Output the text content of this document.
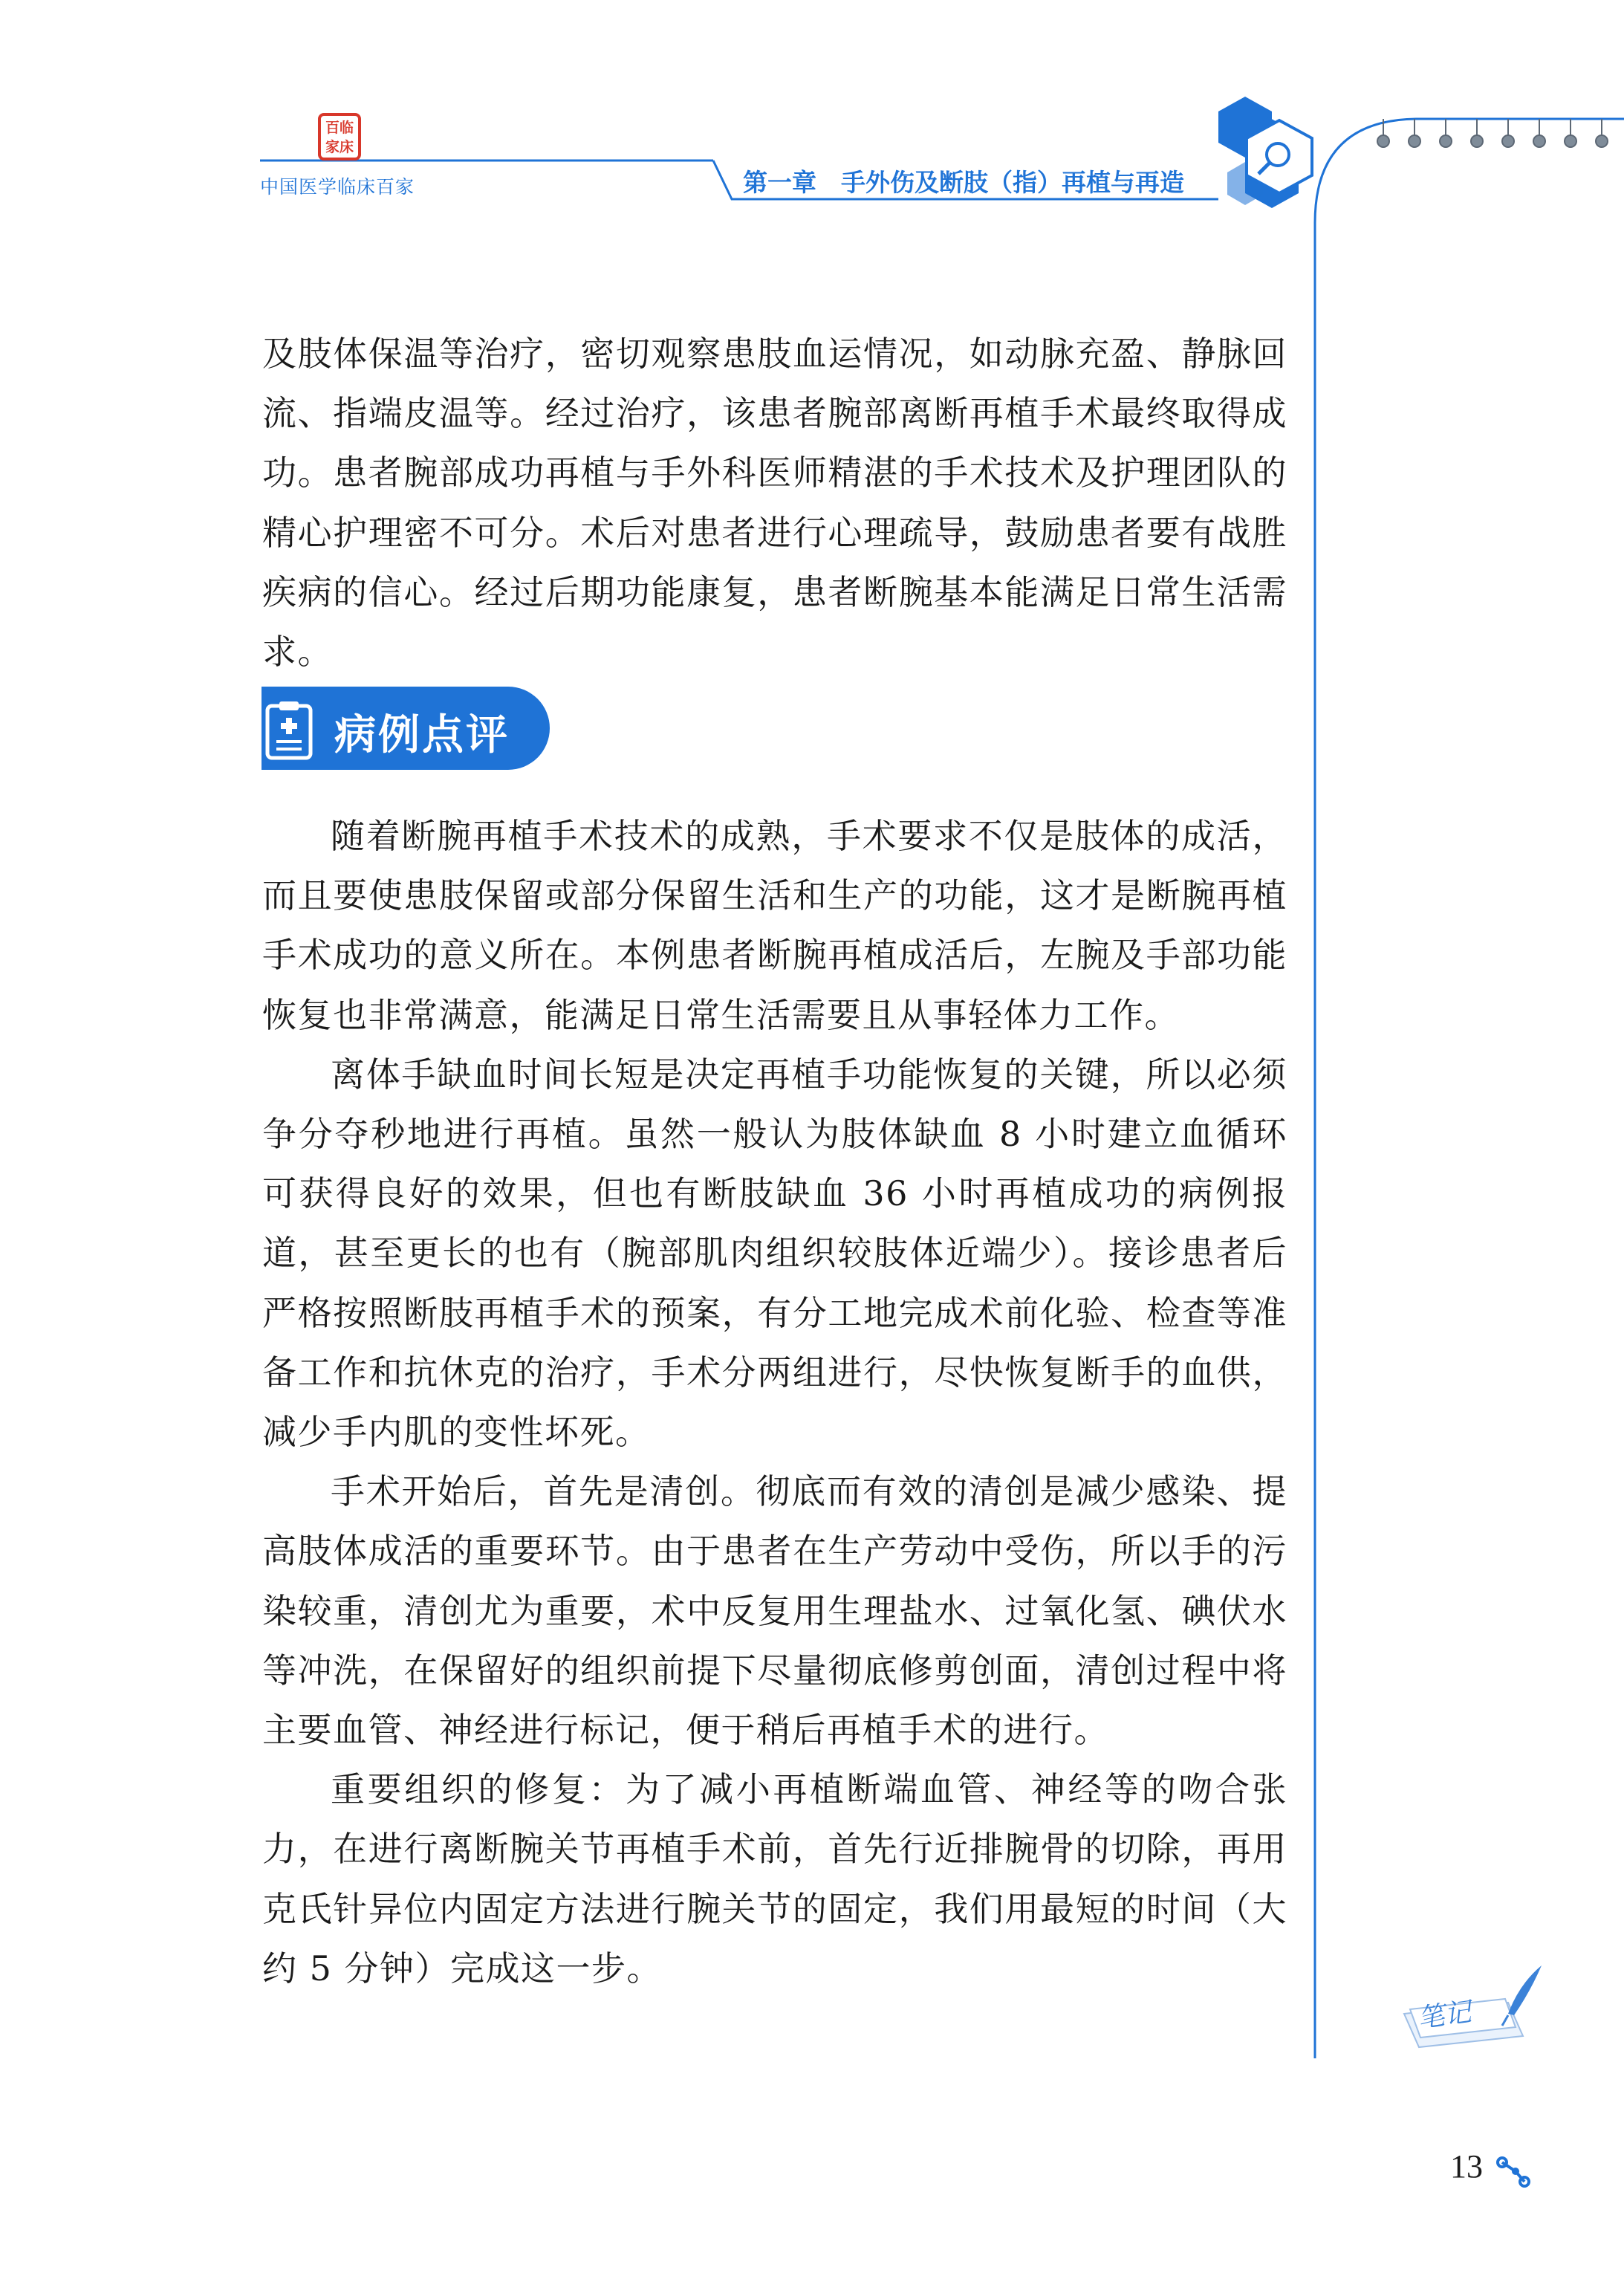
百临
家床
中国医学临床百家	第一章　手外伤及断肢（指）再植与再造

及肢体保温等治疗，密切观察患肢血运情况，如动脉充盈、静脉回流、指端皮温等。经过治疗，该患者腕部离断再植手术最终取得成功。患者腕部成功再植与手外科医师精湛的手术技术及护理团队的精心护理密不可分。术后对患者进行心理疏导，鼓励患者要有战胜疾病的信心。经过后期功能康复，患者断腕基本能满足日常生活需求。

病例点评

随着断腕再植手术技术的成熟，手术要求不仅是肢体的成活，而且要使患肢保留或部分保留生活和生产的功能，这才是断腕再植手术成功的意义所在。本例患者断腕再植成活后，左腕及手部功能恢复也非常满意，能满足日常生活需要且从事轻体力工作。

离体手缺血时间长短是决定再植手功能恢复的关键，所以必须争分夺秒地进行再植。虽然一般认为肢体缺血 8 小时建立血循环可获得良好的效果，但也有断肢缺血 36 小时再植成功的病例报道，甚至更长的也有（腕部肌肉组织较肢体近端少）。接诊患者后严格按照断肢再植手术的预案，有分工地完成术前化验、检查等准备工作和抗休克的治疗，手术分两组进行，尽快恢复断手的血供，减少手内肌的变性坏死。

手术开始后，首先是清创。彻底而有效的清创是减少感染、提高肢体成活的重要环节。由于患者在生产劳动中受伤，所以手的污染较重，清创尤为重要，术中反复用生理盐水、过氧化氢、碘伏水等冲洗，在保留好的组织前提下尽量彻底修剪创面，清创过程中将主要血管、神经进行标记，便于稍后再植手术的进行。

重要组织的修复：为了减小再植断端血管、神经等的吻合张力，在进行离断腕关节再植手术前，首先行近排腕骨的切除，再用克氏针异位内固定方法进行腕关节的固定，我们用最短的时间（大约 5 分钟）完成这一步。

笔记
13
